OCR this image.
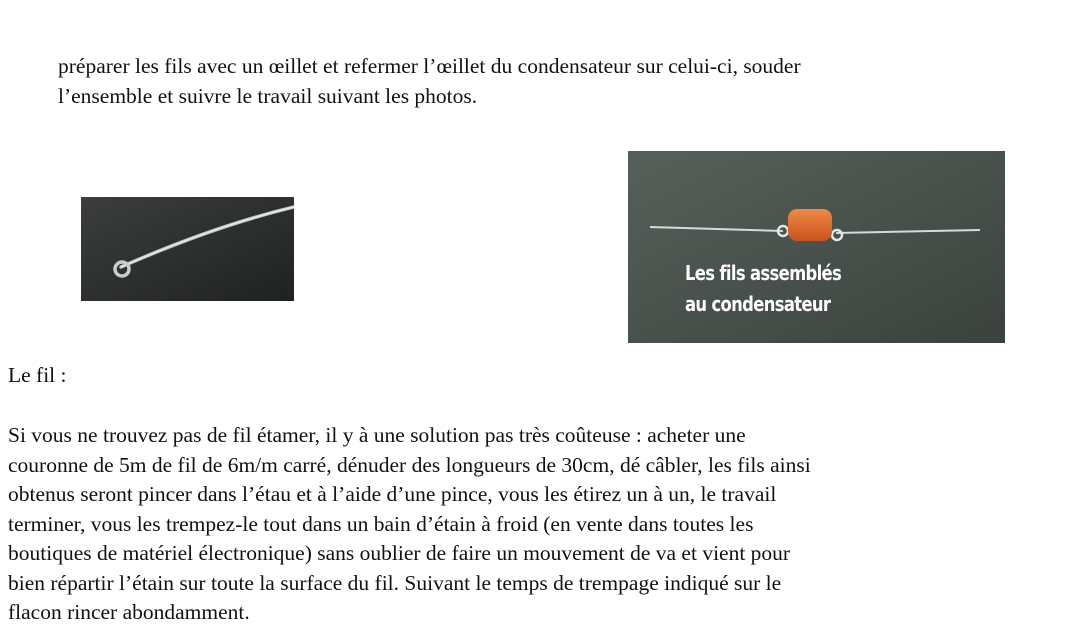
préparer les fils avec un œillet et refermer l’œillet du condensateur sur celui-ci, souder
l’ensemble et suivre le travail suivant les photos.
Les fils assemblés
au condensateur
Le fil :
Si vous ne trouvez pas de fil étamer, il y à une solution pas très coûteuse : acheter une
couronne de 5m de fil de 6m/m carré, dénuder des longueurs de 30cm, dé câbler, les fils ainsi
obtenus seront pincer dans l’étau et à l’aide d’une pince, vous les étirez un à un, le travail
terminer, vous les trempez-le tout dans un bain d’étain à froid (en vente dans toutes les
boutiques de matériel électronique) sans oublier de faire un mouvement de va et vient pour
bien répartir l’étain sur toute la surface du fil. Suivant le temps de trempage indiqué sur le
flacon rincer abondamment.
